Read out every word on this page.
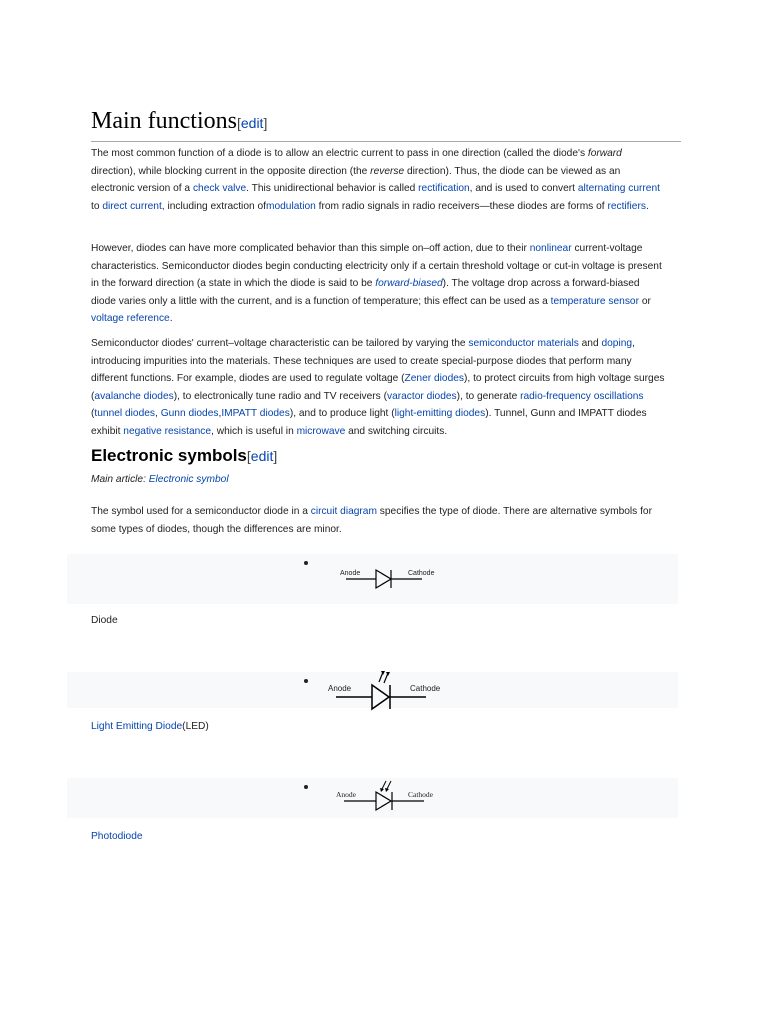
Main functions[edit]

The most common function of a diode is to allow an electric current to pass in one direction (called the diode's forward direction), while blocking current in the opposite direction (the reverse direction). Thus, the diode can be viewed as an electronic version of a check valve. This unidirectional behavior is called rectification, and is used to convert alternating current to direct current, including extraction ofmodulation from radio signals in radio receivers—these diodes are forms of rectifiers.

However, diodes can have more complicated behavior than this simple on–off action, due to their nonlinear current-voltage characteristics. Semiconductor diodes begin conducting electricity only if a certain threshold voltage or cut-in voltage is present in the forward direction (a state in which the diode is said to be forward-biased). The voltage drop across a forward-biased diode varies only a little with the current, and is a function of temperature; this effect can be used as a temperature sensor or voltage reference.

Semiconductor diodes' current–voltage characteristic can be tailored by varying the semiconductor materials and doping, introducing impurities into the materials. These techniques are used to create special-purpose diodes that perform many different functions. For example, diodes are used to regulate voltage (Zener diodes), to protect circuits from high voltage surges (avalanche diodes), to electronically tune radio and TV receivers (varactor diodes), to generate radio-frequency oscillations (tunnel diodes, Gunn diodes,IMPATT diodes), and to produce light (light-emitting diodes). Tunnel, Gunn and IMPATT diodes exhibit negative resistance, which is useful in microwave and switching circuits.

Electronic symbols[edit]

Main article: Electronic symbol

The symbol used for a semiconductor diode in a circuit diagram specifies the type of diode. There are alternative symbols for some types of diodes, though the differences are minor.

Anode	Cathode
Diode
Anode	Cathode
Light Emitting Diode(LED)
Anode	Cathode
Photodiode
